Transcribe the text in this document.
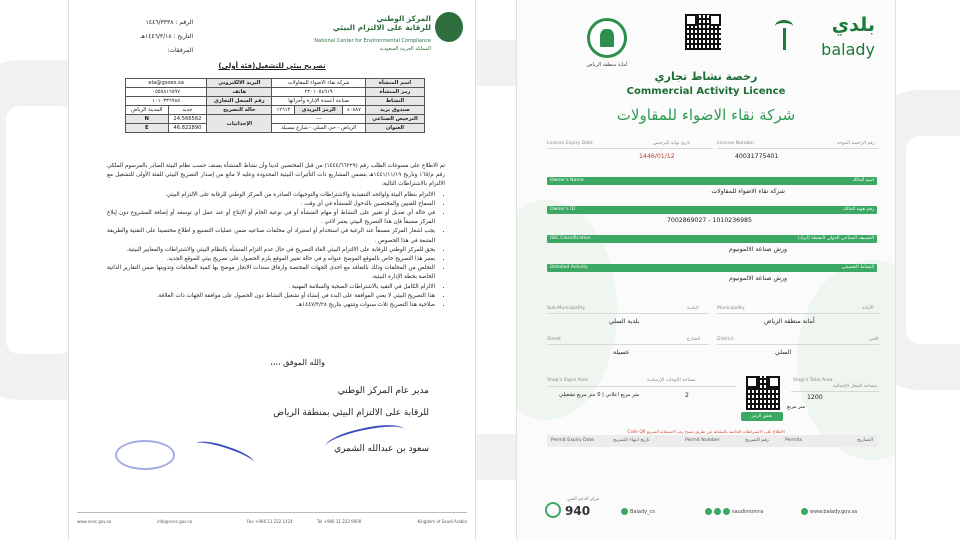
المركز الوطني
للرقابة على الالتزام البيئي
National Center for Environmental Compliance
المملكة العربية السعودية
الرقم : ١٤٤٦/٣٣٣٨
التاريخ : ١٤٤٦/٣/١٨هـ
المرفقات:
تصريح بيئي للتشغيل(فئة أولى)
اسم المنشأة	شركة نقاء الاضواء للمقاولات			البريد الالكتروني	ela@gsoes.sa	
رمز المنشأة	٢٢٠١٠٥٤٩١٩			هاتف	٠٥٥٥٨١٦٥٩٧	
النشاط	صناعة أعمدة الإنارة وأجزائها			رقم السجل التجاري	١٠١٠٣٣٦٩٨٥	
صندوق بريد	٤٠٨٨٧	الرمز البريدي	١٢٦١٢	حالة التصريح	جديد	المدينة الرياض
الترخيص الصناعي	---			الإحداثيات	24.566562	N
العنوان	الرياض - حي السلي - شارع مسيلة				46.822890	E

تم الاطلاع على مسوغات الطلب رقم (١٤٤٤/٦٦٢٢٩) من قبل المختصين لدينا وأن نشاط المنشأة يصنف حسب نظام البيئة الصادر بالمرسوم الملكي رقم م/١٦٥ وتاريخ ١٤٤١/١١/١٩هـ بتضمن المشاريع ذات التأثيرات البيئية المحدودة وعليه لا مانع من إصدار التصريح البيئي للفئة الأولى للتشغيل مع الالتزام بالاشتراطات التالية:

• الالتزام بنظام البيئة ولوائحه التنفيذية والاشتراطات والتوجيهات الصادرة من المركز الوطني للرقابة على الالتزام البيئي.
• السماح للفنيين والمختصين بالدخول للمنشأة في أي وقت .
• في حالة أي تعديل أو تغيير على النشاط أو مهام المنشأة أو في نوعية الخام أو الإنتاج أو عند عمل أي توسعه أو إضافة للمشروع دون إبلاغ المركز مسبقاً فإن هذا التصريح البيئي يعتبر لاغي .
• يجب اشعار المركز مسبقاً عند الرغبة في استخدام أو استيراد أي مخلفات صناعيه ضمن عمليات التصنيع و اطلاع مختصينا على التقنية والطريقة المتبعة في هذا الخصوص .
• يحق للمركز الوطني للرقابة على الالتزام البيئي الغاء التصريح في حال عدم التزام المنشأة بالنظام البيئي والاشتراطات والمعايير البيئية.
• يعتبر هذا التصريح خاص بالموقع الموضح عنوانه و في حالة تغيير الموقع يلزم الحصول على تصريح بيئي للموقع الجديد.
• التخلص من المخلفات وذلك بالتعاقد مع احدى الجهات المختصة وارفاق سندات الانجاز موضح بها كمية المخلفات وتدوينها ضمن التقارير الذاتية الخاصة بخطة الإدارة البيئية.
• الالزام الكامل في التقيد بالاشتراطات الصحية والسلامة المهنية .
• هذا التصريح البيئي لا يعني الموافقة على البدء في إنشاء أو تشغيل النشاط دون الحصول على موافقة الجهات ذات العلاقة.
• صلاحية هذا التصريح ثلاث سنوات وتنتهي بتاريخ ١٤٤٧/٣/٢٨هـ.
والله الموفق ،،،،
مدير عام المركز الوطني
للرقابة على الالتزام البيئي بمنطقة الرياض
سعود بن عبدالله الشمري
www.ncec.gov.sa	info@ncec.gov.sa	Fax +966 11 222 1424	Tel +966 11 222 9000	Kingdom of Saudi Arabia
أمانة منطقة الرياض
بلدي
balady
رخصة نشاط تجاري
Commercial Activity Licence
شركة نقاء الاضواء للمقاولات
License Expiry Date	تاريخ نهاية الترخيص	License Number	رقم الرخصة الموحد
1446/01/12	40031775401
Owner's Name	اسم المالك
شركة نقاء الاضواء للمقاولات
Owner's ID	رقم هوية المالك
7002869027 - 1010236985
ISIC Classification	التصنيف الصناعي الدولي لأنشطة (أيزك)
ورش صناعة الالمونيوم
Detailed Activity	النشاط التفصيلي
ورش صناعة الالمونيوم
Sub-Municipality	البلدية	Municipality	الأمانة
بلدية السلي	أمانة منطقة الرياض
Street	الشارع	District	الحي
عسيلة	السلي
Shop's Signs Area	مساحة اللوحات الإرشادية	Shop's Total Area
مساحة المحل الإجمالية
متر مربع اعلاني | 0 متر مربع تشغيلي	2	1200
متر مربع
تحقق الرمز
الاطلاع على الاشتراطات الخاصة بالنشاط عن طريق مسح رمز الاستجابة السريع Code QR
Permit Expiry Date	تاريخ انتهاء التصريح	Permit Number	رقم التصريح	Permits	التصاريح
مركز الدعم الفني
940	Balady_cs	saudimomra	www.balady.gov.sa
